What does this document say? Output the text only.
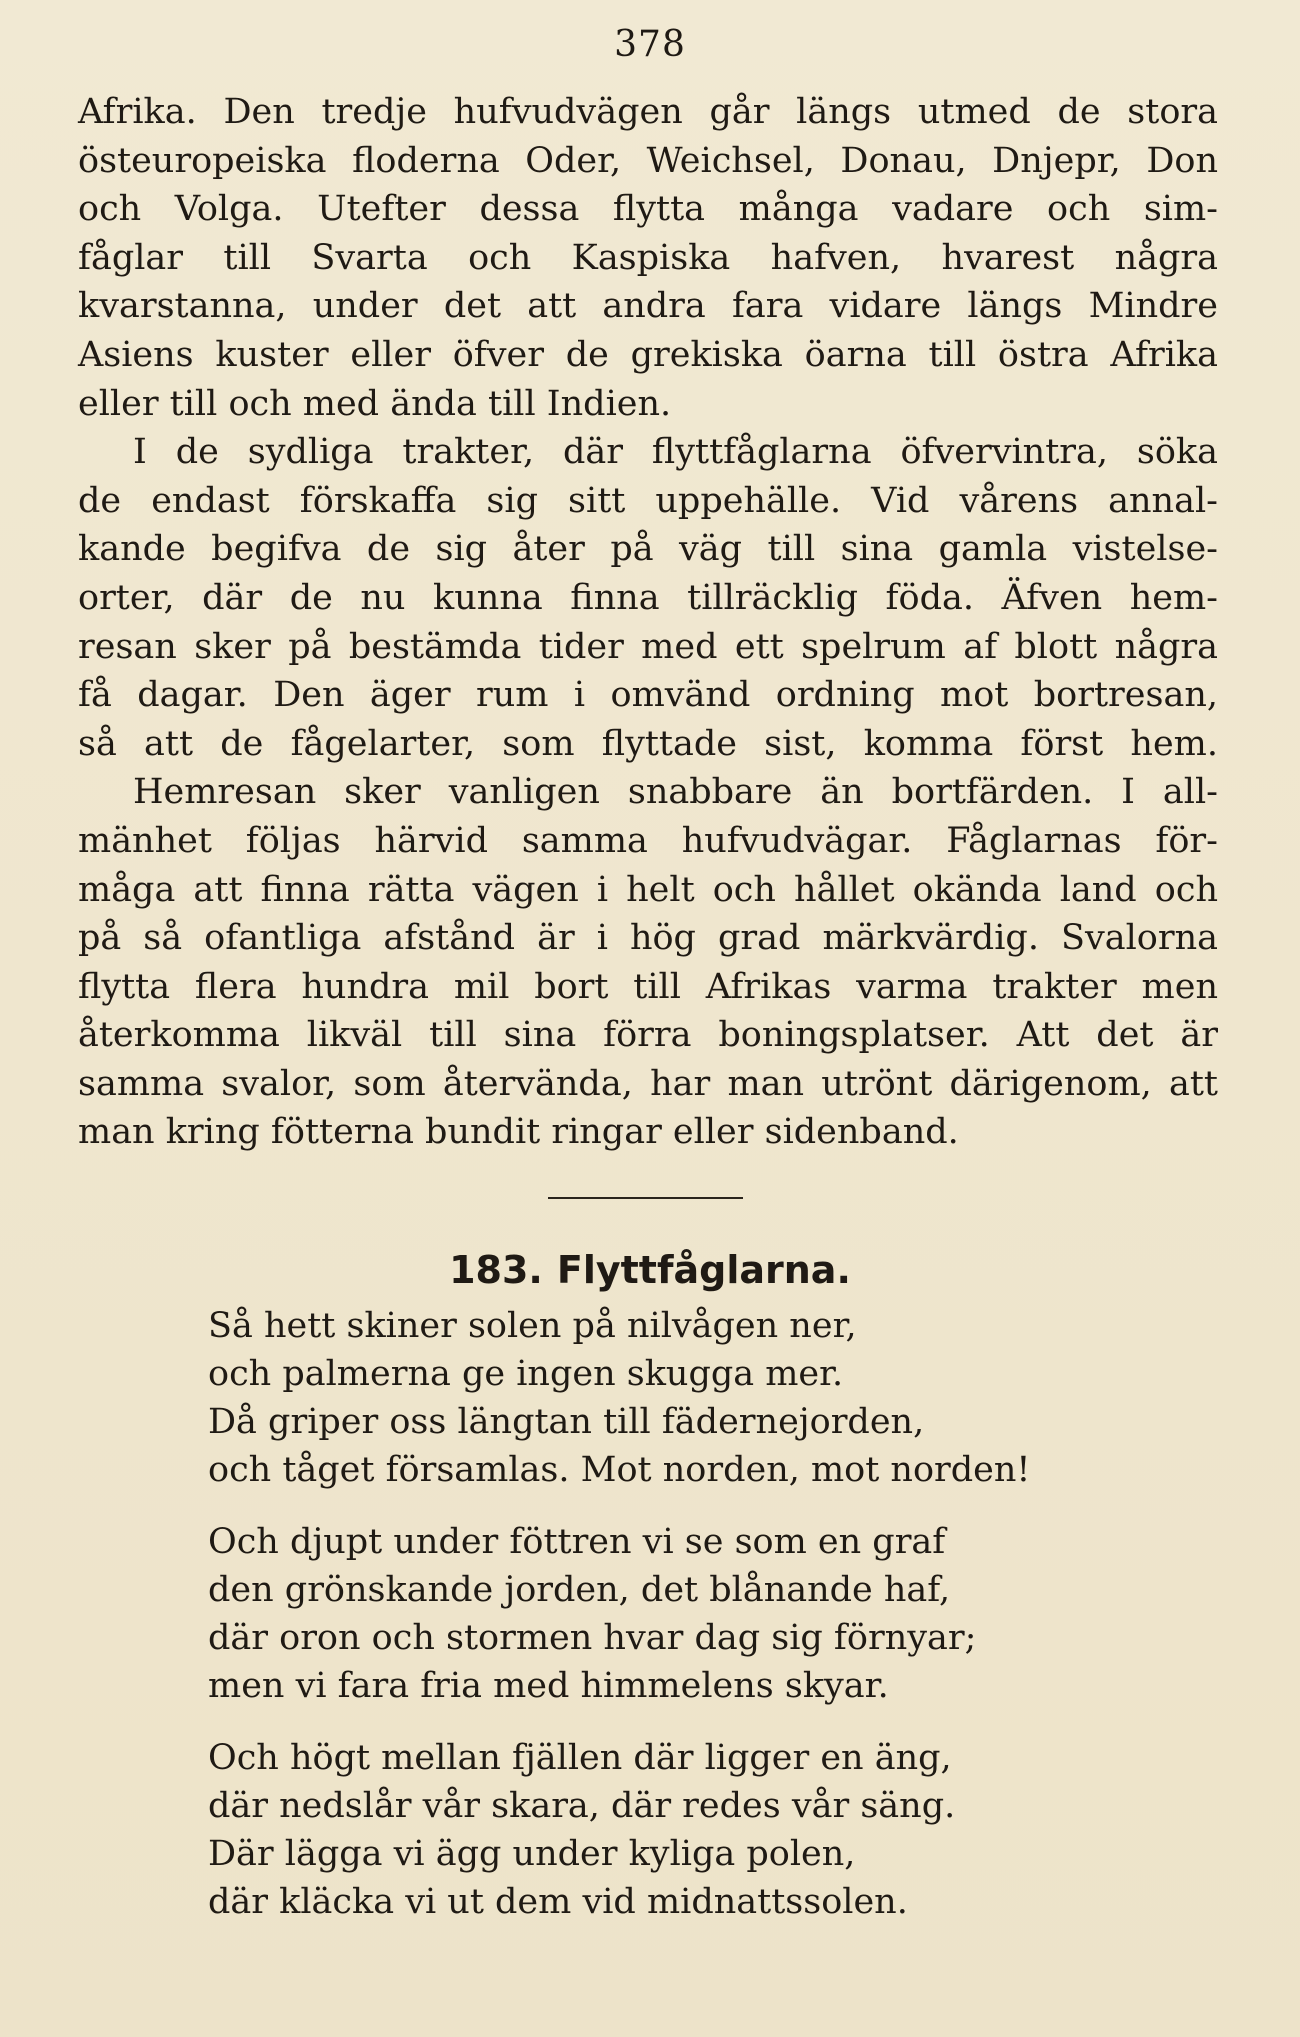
378
Afrika. Den tredje hufvudvägen går längs utmed de stora
östeuropeiska floderna Oder, Weichsel, Donau, Dnjepr, Don
och Volga. Utefter dessa flytta många vadare och sim-
fåglar till Svarta och Kaspiska hafven, hvarest några
kvarstanna, under det att andra fara vidare längs Mindre
Asiens kuster eller öfver de grekiska öarna till östra Afrika
eller till och med ända till Indien.
I de sydliga trakter, där flyttfåglarna öfvervintra, söka
de endast förskaffa sig sitt uppehälle. Vid vårens annal-
kande begifva de sig åter på väg till sina gamla vistelse-
orter, där de nu kunna finna tillräcklig föda. Äfven hem-
resan sker på bestämda tider med ett spelrum af blott några
få dagar. Den äger rum i omvänd ordning mot bortresan,
så att de fågelarter, som flyttade sist, komma först hem.
Hemresan sker vanligen snabbare än bortfärden. I all-
mänhet följas härvid samma hufvudvägar. Fåglarnas för-
måga att finna rätta vägen i helt och hållet okända land och
på så ofantliga afstånd är i hög grad märkvärdig. Svalorna
flytta flera hundra mil bort till Afrikas varma trakter men
återkomma likväl till sina förra boningsplatser. Att det är
samma svalor, som återvända, har man utrönt därigenom, att
man kring fötterna bundit ringar eller sidenband.
183. Flyttfåglarna.
Så hett skiner solen på nilvågen ner,
och palmerna ge ingen skugga mer.
Då griper oss längtan till fädernejorden,
och tåget församlas. Mot norden, mot norden!
Och djupt under föttren vi se som en graf
den grönskande jorden, det blånande haf,
där oron och stormen hvar dag sig förnyar;
men vi fara fria med himmelens skyar.
Och högt mellan fjällen där ligger en äng,
där nedslår vår skara, där redes vår säng.
Där lägga vi ägg under kyliga polen,
där kläcka vi ut dem vid midnattssolen.
